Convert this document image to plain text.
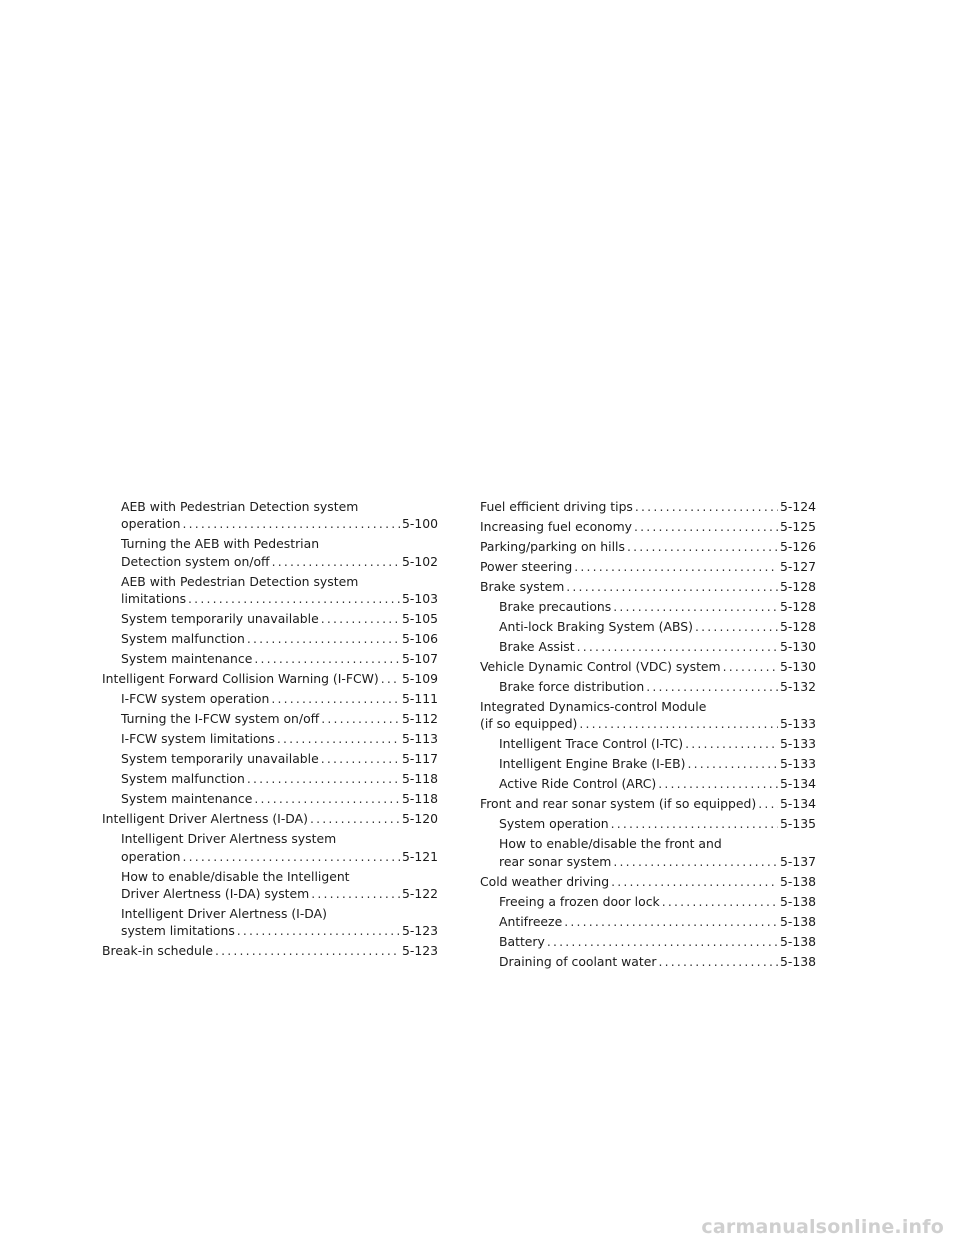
AEB with Pedestrian Detection system
operation .....	5-100
Turning the AEB with Pedestrian
Detection system on/off .....	5-102
AEB with Pedestrian Detection system
limitations .....	5-103
System temporarily unavailable .....	5-105
System malfunction .....	5-106
System maintenance .....	5-107
Intelligent Forward Collision Warning (I-FCW) ..... 5-109
I-FCW system operation .....	5-111
Turning the I-FCW system on/off .....	5-112
I-FCW system limitations .....	5-113
System temporarily unavailable .....	5-117
System malfunction .....	5-118
System maintenance .....	5-118
Intelligent Driver Alertness (I-DA) .....	5-120
Intelligent Driver Alertness system
operation .....	5-121
How to enable/disable the Intelligent
Driver Alertness (I-DA) system .....	5-122
Intelligent Driver Alertness (I-DA)
system limitations .....	5-123
Break-in schedule .....	5-123
Fuel efficient driving tips .....	5-124
Increasing fuel economy .....	5-125
Parking/parking on hills .....	5-126
Power steering .....	5-127
Brake system .....	5-128
Brake precautions .....	5-128
Anti-lock Braking System (ABS) .....	5-128
Brake Assist .....	5-130
Vehicle Dynamic Control (VDC) system .....	5-130
Brake force distribution .....	5-132
Integrated Dynamics-control Module
(if so equipped) .....	5-133
Intelligent Trace Control (I-TC) .....	5-133
Intelligent Engine Brake (I-EB) .....	5-133
Active Ride Control (ARC) .....	5-134
Front and rear sonar system (if so equipped) ..... 5-134
System operation .....	5-135
How to enable/disable the front and
rear sonar system .....	5-137
Cold weather driving .....	5-138
Freeing a frozen door lock .....	5-138
Antifreeze .....	5-138
Battery .....	5-138
Draining of coolant water .....	5-138
carmanualsonline.info
